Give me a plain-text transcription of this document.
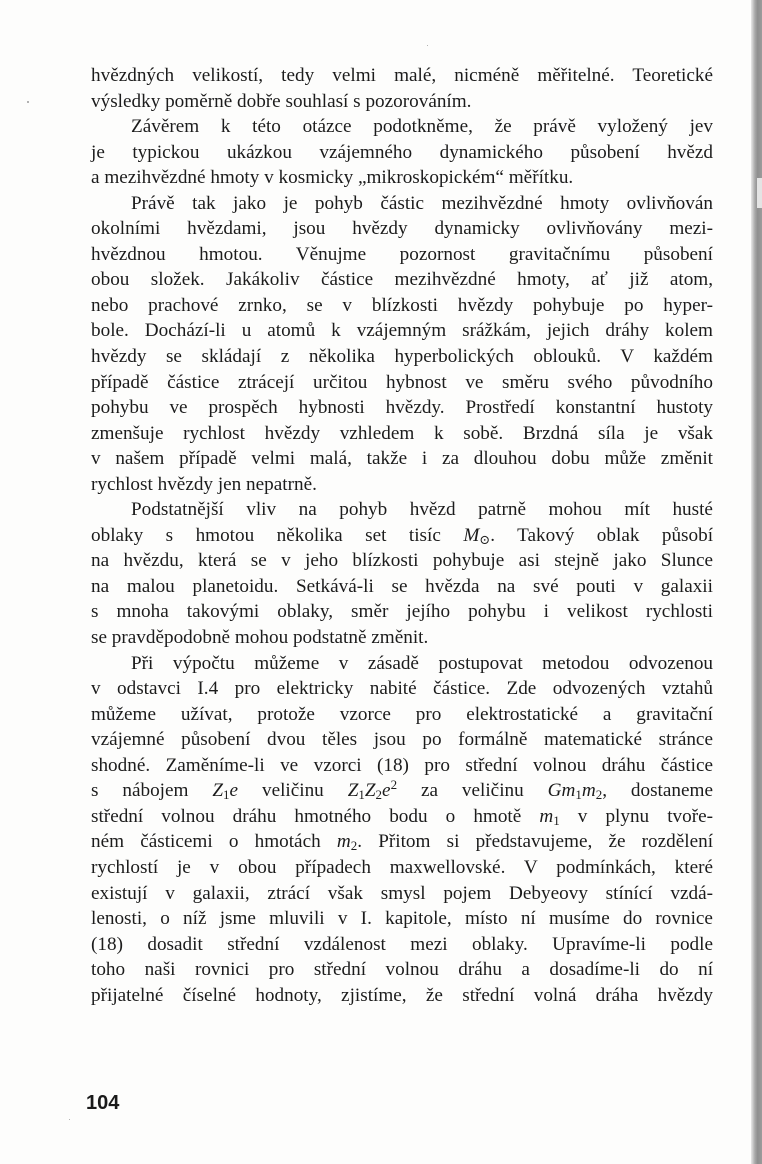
hvězdných velikostí, tedy velmi malé, nicméně měřitelné. Teoretické
výsledky poměrně dobře souhlasí s pozorováním.
Závěrem k této otázce podotkněme, že právě vyložený jev
je typickou ukázkou vzájemného dynamického působení hvězd
a mezihvězdné hmoty v kosmicky „mikroskopickém“ měřítku.
Právě tak jako je pohyb částic mezihvězdné hmoty ovlivňován
okolními hvězdami, jsou hvězdy dynamicky ovlivňovány mezi-
hvězdnou hmotou. Věnujme pozornost gravitačnímu působení
obou složek. Jakákoliv částice mezihvězdné hmoty, ať již atom,
nebo prachové zrnko, se v blízkosti hvězdy pohybuje po hyper-
bole. Dochází-li u atomů k vzájemným srážkám, jejich dráhy kolem
hvězdy se skládají z několika hyperbolických oblouků. V každém
případě částice ztrácejí určitou hybnost ve směru svého původního
pohybu ve prospěch hybnosti hvězdy. Prostředí konstantní hustoty
zmenšuje rychlost hvězdy vzhledem k sobě. Brzdná síla je však
v našem případě velmi malá, takže i za dlouhou dobu může změnit
rychlost hvězdy jen nepatrně.
Podstatnější vliv na pohyb hvězd patrně mohou mít husté
oblaky s hmotou několika set tisíc $M_⊙$. Takový oblak působí
na hvězdu, která se v jeho blízkosti pohybuje asi stejně jako Slunce
na malou planetoidu. Setkává-li se hvězda na své pouti v galaxii
s mnoha takovými oblaky, směr jejího pohybu i velikost rychlosti
se pravděpodobně mohou podstatně změnit.
Při výpočtu můžeme v zásadě postupovat metodou odvozenou
v odstavci I.4 pro elektricky nabité částice. Zde odvozených vztahů
můžeme užívat, protože vzorce pro elektrostatické a gravitační
vzájemné působení dvou těles jsou po formálně matematické stránce
shodné. Zaměníme-li ve vzorci (18) pro střední volnou dráhu částice
s nábojem $Z_1e$ veličinu $Z_1Z_2e^2$ za veličinu $Gm_1m_2$, dostaneme
střední volnou dráhu hmotného bodu o hmotě $m_1$ v plynu tvoře-
ném částicemi o hmotách $m_2$. Přitom si představujeme, že rozdělení
rychlostí je v obou případech maxwellovské. V podmínkách, které
existují v galaxii, ztrácí však smysl pojem Debyeovy stínící vzdá-
lenosti, o níž jsme mluvili v I. kapitole, místo ní musíme do rovnice
(18) dosadit střední vzdálenost mezi oblaky. Upravíme-li podle
toho naši rovnici pro střední volnou dráhu a dosadíme-li do ní
přijatelné číselné hodnoty, zjistíme, že střední volná dráha hvězdy
104
